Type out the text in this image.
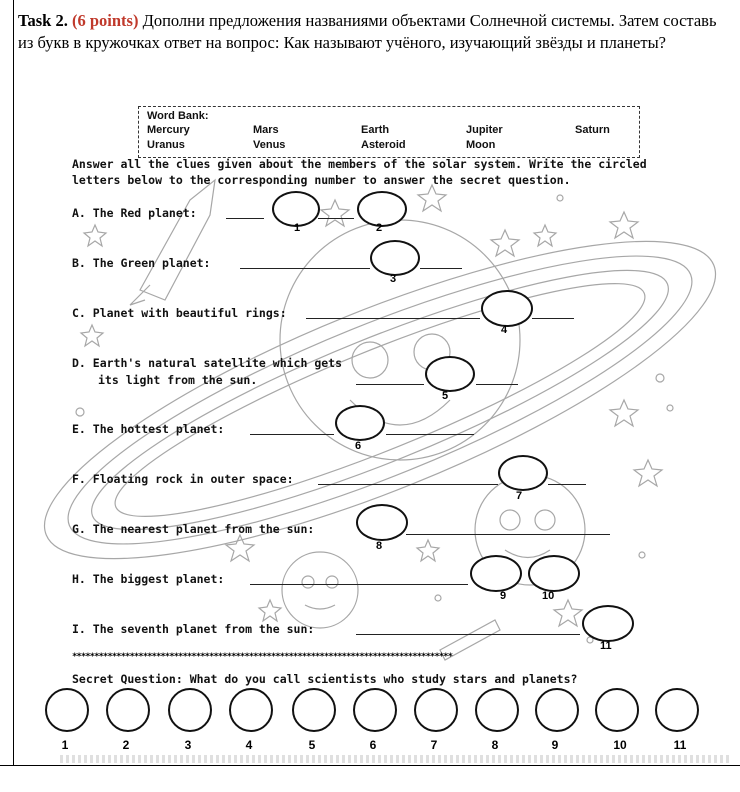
Task 2. (6 points) Дополни предложения названиями объектами Солнечной системы. Затем составь из букв в кружочках ответ на вопрос: Как называют учёного, изучающий звёзды и планеты?
Word Bank:
Mercury	Mars	Earth	Jupiter	Saturn
Uranus	Venus	Asteroid	Moon
Answer all the clues given about the members of the solar system. Write the circled letters below to the corresponding number to answer the secret question.
A. The Red planet:
1	2
B. The Green planet:
3
C. Planet with beautiful rings:
4
D. Earth's natural satellite which gets
its light from the sun.
5
E. The hottest planet:
6
F. Floating rock in outer space:
7
G. The nearest planet from the sun:
8
H. The biggest planet:
9	10
I. The seventh planet from the sun:
11
**************************************************************************************
Secret Question: What do you call scientists who study stars and planets?
1	2	3	4	5	6	7	8	9	10	11
